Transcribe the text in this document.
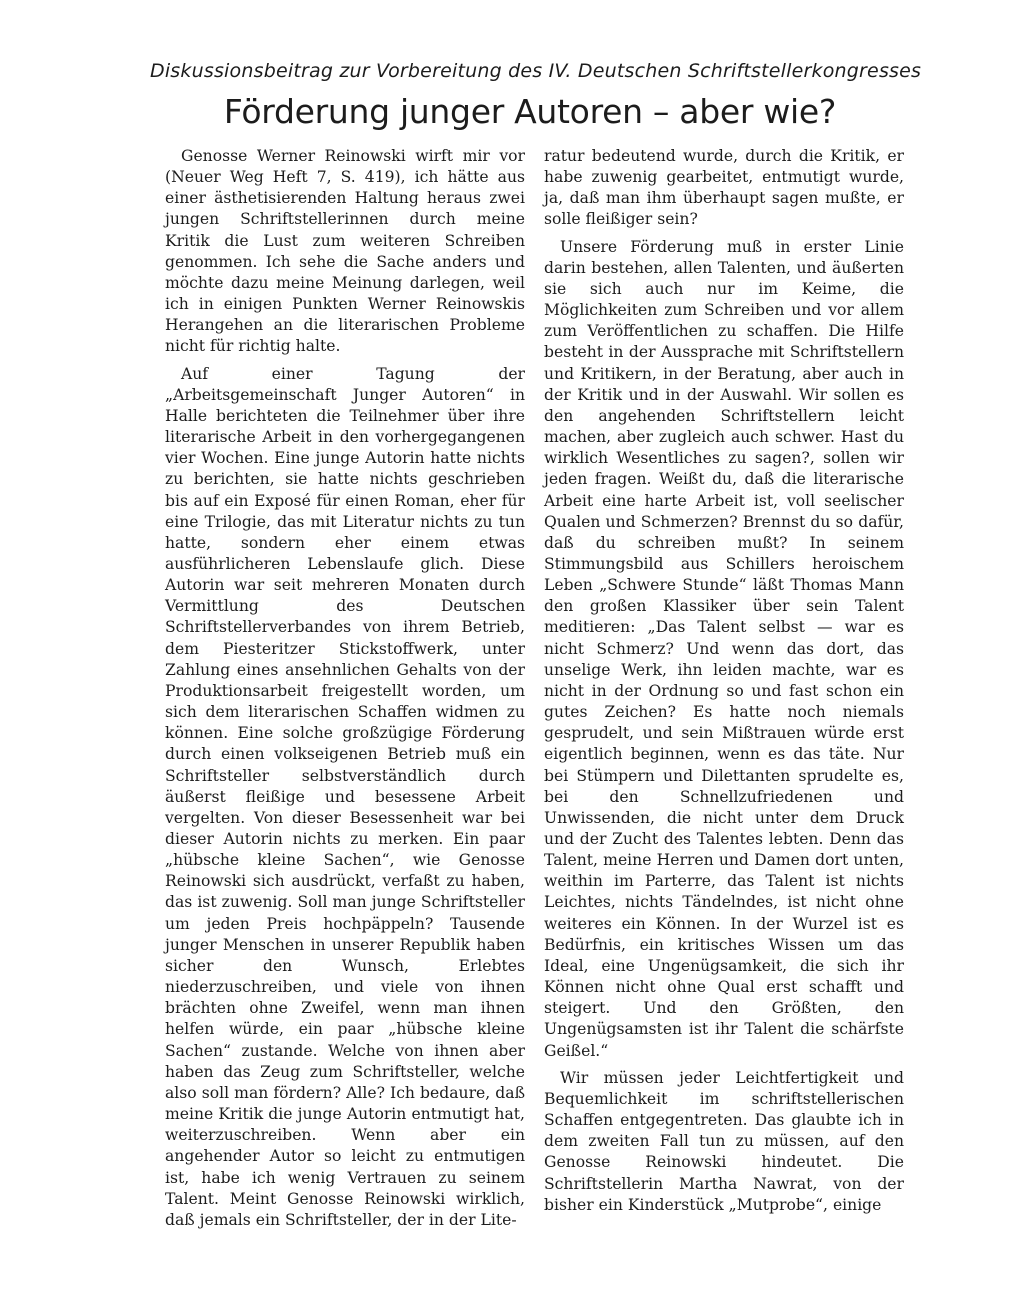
Diskussionsbeitrag zur Vorbereitung des IV. Deutschen Schriftstellerkongresses
Förderung junger Autoren – aber wie?

Genosse Werner Reinowski wirft mir vor (Neuer Weg Heft 7, S. 419), ich hätte aus einer ästhetisierenden Haltung heraus zwei jungen Schriftstellerinnen durch meine Kritik die Lust zum weiteren Schreiben genommen. Ich sehe die Sache anders und möchte dazu meine Meinung darlegen, weil ich in einigen Punkten Werner Reinowskis Herangehen an die literarischen Probleme nicht für richtig halte.

Auf einer Tagung der „Arbeitsgemeinschaft Junger Autoren“ in Halle berichteten die Teilnehmer über ihre literarische Arbeit in den vorhergegangenen vier Wochen. Eine junge Autorin hatte nichts zu berichten, sie hatte nichts geschrieben bis auf ein Exposé für einen Roman, eher für eine Trilogie, das mit Literatur nichts zu tun hatte, sondern eher einem etwas ausführlicheren Lebenslaufe glich. Diese Autorin war seit mehreren Monaten durch Vermittlung des Deutschen Schriftstellerverbandes von ihrem Betrieb, dem Piesteritzer Stickstoffwerk, unter Zahlung eines ansehnlichen Gehalts von der Produktionsarbeit freigestellt worden, um sich dem literarischen Schaffen widmen zu können. Eine solche großzügige Förderung durch einen volkseigenen Betrieb muß ein Schriftsteller selbstverständlich durch äußerst fleißige und besessene Arbeit vergelten. Von dieser Besessenheit war bei dieser Autorin nichts zu merken. Ein paar „hübsche kleine Sachen“, wie Genosse Reinowski sich ausdrückt, verfaßt zu haben, das ist zuwenig. Soll man junge Schriftsteller um jeden Preis hochpäppeln? Tausende junger Menschen in unserer Republik haben sicher den Wunsch, Erlebtes niederzuschreiben, und viele von ihnen brächten ohne Zweifel, wenn man ihnen helfen würde, ein paar „hübsche kleine Sachen“ zustande. Welche von ihnen aber haben das Zeug zum Schriftsteller, welche also soll man fördern? Alle? Ich bedaure, daß meine Kritik die junge Autorin entmutigt hat, weiterzuschreiben. Wenn aber ein angehender Autor so leicht zu entmutigen ist, habe ich wenig Vertrauen zu seinem Talent. Meint Genosse Reinowski wirklich, daß jemals ein Schriftsteller, der in der Lite-

ratur bedeutend wurde, durch die Kritik, er habe zuwenig gearbeitet, entmutigt wurde, ja, daß man ihm überhaupt sagen mußte, er solle fleißiger sein?

Unsere Förderung muß in erster Linie darin bestehen, allen Talenten, und äußerten sie sich auch nur im Keime, die Möglichkeiten zum Schreiben und vor allem zum Veröffentlichen zu schaffen. Die Hilfe besteht in der Aussprache mit Schriftstellern und Kritikern, in der Beratung, aber auch in der Kritik und in der Auswahl. Wir sollen es den angehenden Schriftstellern leicht machen, aber zugleich auch schwer. Hast du wirklich Wesentliches zu sagen?, sollen wir jeden fragen. Weißt du, daß die literarische Arbeit eine harte Arbeit ist, voll seelischer Qualen und Schmerzen? Brennst du so dafür, daß du schreiben mußt? In seinem Stimmungsbild aus Schillers heroischem Leben „Schwere Stunde“ läßt Thomas Mann den großen Klassiker über sein Talent meditieren: „Das Talent selbst — war es nicht Schmerz? Und wenn das dort, das unselige Werk, ihn leiden machte, war es nicht in der Ordnung so und fast schon ein gutes Zeichen? Es hatte noch niemals gesprudelt, und sein Mißtrauen würde erst eigentlich beginnen, wenn es das täte. Nur bei Stümpern und Dilettanten sprudelte es, bei den Schnellzufriedenen und Unwissenden, die nicht unter dem Druck und der Zucht des Talentes lebten. Denn das Talent, meine Herren und Damen dort unten, weithin im Parterre, das Talent ist nichts Leichtes, nichts Tändelndes, ist nicht ohne weiteres ein Können. In der Wurzel ist es Bedürfnis, ein kritisches Wissen um das Ideal, eine Ungenügsamkeit, die sich ihr Können nicht ohne Qual erst schafft und steigert. Und den Größten, den Ungenügsamsten ist ihr Talent die schärfste Geißel.“

Wir müssen jeder Leichtfertigkeit und Bequemlichkeit im schriftstellerischen Schaffen entgegentreten. Das glaubte ich in dem zweiten Fall tun zu müssen, auf den Genosse Reinowski hindeutet. Die Schriftstellerin Martha Nawrat, von der bisher ein Kinderstück „Mutprobe“, einige
